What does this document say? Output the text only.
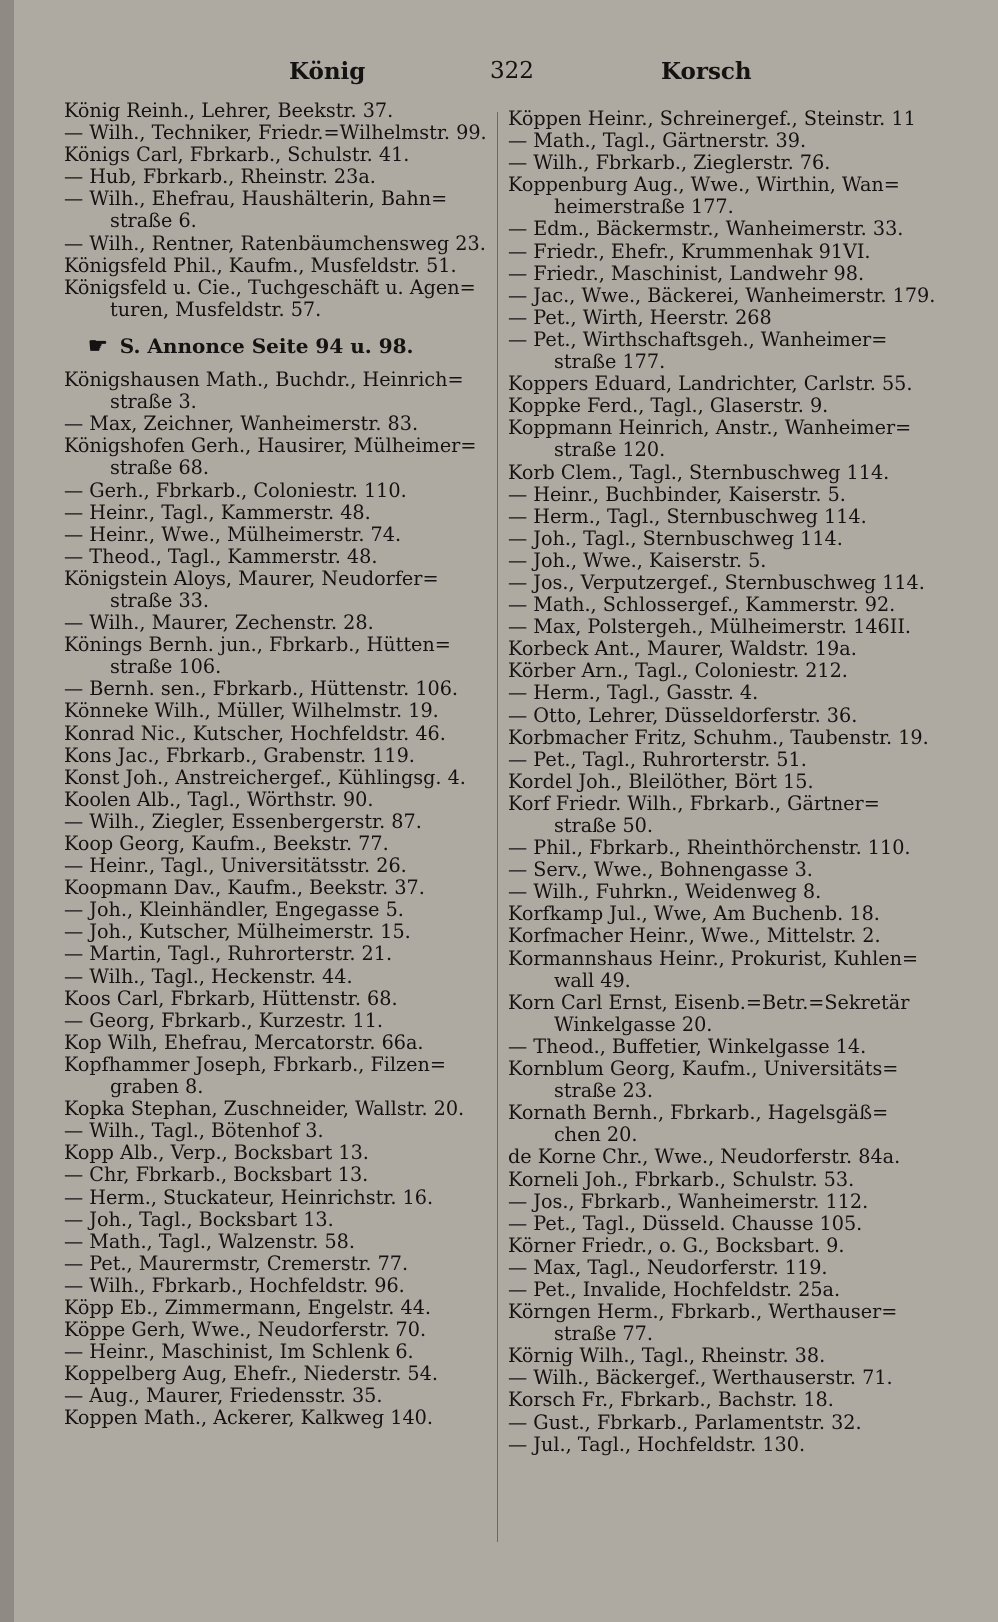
König	322	Korsch
König Reinh., Lehrer, Beekstr. 37.
— Wilh., Techniker, Friedr.=Wilhelmstr. 99.
Königs Carl, Fbrkarb., Schulstr. 41.
— Hub, Fbrkarb., Rheinstr. 23a.
— Wilh., Ehefrau, Haushälterin, Bahn=
straße 6.
— Wilh., Rentner, Ratenbäumchensweg 23.
Königsfeld Phil., Kaufm., Musfeldstr. 51.
Königsfeld u. Cie., Tuchgeschäft u. Agen=
turen, Musfeldstr. 57.
☛ S. Annonce Seite 94 u. 98.
Königshausen Math., Buchdr., Heinrich=
straße 3.
— Max, Zeichner, Wanheimerstr. 83.
Königshofen Gerh., Hausirer, Mülheimer=
straße 68.
— Gerh., Fbrkarb., Coloniestr. 110.
— Heinr., Tagl., Kammerstr. 48.
— Heinr., Wwe., Mülheimerstr. 74.
— Theod., Tagl., Kammerstr. 48.
Königstein Aloys, Maurer, Neudorfer=
straße 33.
— Wilh., Maurer, Zechenstr. 28.
Könings Bernh. jun., Fbrkarb., Hütten=
straße 106.
— Bernh. sen., Fbrkarb., Hüttenstr. 106.
Könneke Wilh., Müller, Wilhelmstr. 19.
Konrad Nic., Kutscher, Hochfeldstr. 46.
Kons Jac., Fbrkarb., Grabenstr. 119.
Konst Joh., Anstreichergef., Kühlingsg. 4.
Koolen Alb., Tagl., Wörthstr. 90.
— Wilh., Ziegler, Essenbergerstr. 87.
Koop Georg, Kaufm., Beekstr. 77.
— Heinr., Tagl., Universitätsstr. 26.
Koopmann Dav., Kaufm., Beekstr. 37.
— Joh., Kleinhändler, Engegasse 5.
— Joh., Kutscher, Mülheimerstr. 15.
— Martin, Tagl., Ruhrorterstr. 21.
— Wilh., Tagl., Heckenstr. 44.
Koos Carl, Fbrkarb, Hüttenstr. 68.
— Georg, Fbrkarb., Kurzestr. 11.
Kop Wilh, Ehefrau, Mercatorstr. 66a.
Kopfhammer Joseph, Fbrkarb., Filzen=
graben 8.
Kopka Stephan, Zuschneider, Wallstr. 20.
— Wilh., Tagl., Bötenhof 3.
Kopp Alb., Verp., Bocksbart 13.
— Chr, Fbrkarb., Bocksbart 13.
— Herm., Stuckateur, Heinrichstr. 16.
— Joh., Tagl., Bocksbart 13.
— Math., Tagl., Walzenstr. 58.
— Pet., Maurermstr, Cremerstr. 77.
— Wilh., Fbrkarb., Hochfeldstr. 96.
Köpp Eb., Zimmermann, Engelstr. 44.
Köppe Gerh, Wwe., Neudorferstr. 70.
— Heinr., Maschinist, Im Schlenk 6.
Koppelberg Aug, Ehefr., Niederstr. 54.
— Aug., Maurer, Friedensstr. 35.
Koppen Math., Ackerer, Kalkweg 140.
Köppen Heinr., Schreinergef., Steinstr. 11
— Math., Tagl., Gärtnerstr. 39.
— Wilh., Fbrkarb., Zieglerstr. 76.
Koppenburg Aug., Wwe., Wirthin, Wan=
heimerstraße 177.
— Edm., Bäckermstr., Wanheimerstr. 33.
— Friedr., Ehefr., Krummenhak 91VI.
— Friedr., Maschinist, Landwehr 98.
— Jac., Wwe., Bäckerei, Wanheimerstr. 179.
— Pet., Wirth, Heerstr. 268
— Pet., Wirthschaftsgeh., Wanheimer=
straße 177.
Koppers Eduard, Landrichter, Carlstr. 55.
Koppke Ferd., Tagl., Glaserstr. 9.
Koppmann Heinrich, Anstr., Wanheimer=
straße 120.
Korb Clem., Tagl., Sternbuschweg 114.
— Heinr., Buchbinder, Kaiserstr. 5.
— Herm., Tagl., Sternbuschweg 114.
— Joh., Tagl., Sternbuschweg 114.
— Joh., Wwe., Kaiserstr. 5.
— Jos., Verputzergef., Sternbuschweg 114.
— Math., Schlossergef., Kammerstr. 92.
— Max, Polstergeh., Mülheimerstr. 146II.
Korbeck Ant., Maurer, Waldstr. 19a.
Körber Arn., Tagl., Coloniestr. 212.
— Herm., Tagl., Gasstr. 4.
— Otto, Lehrer, Düsseldorferstr. 36.
Korbmacher Fritz, Schuhm., Taubenstr. 19.
— Pet., Tagl., Ruhrorterstr. 51.
Kordel Joh., Bleilöther, Bört 15.
Korf Friedr. Wilh., Fbrkarb., Gärtner=
straße 50.
— Phil., Fbrkarb., Rheinthörchenstr. 110.
— Serv., Wwe., Bohnengasse 3.
— Wilh., Fuhrkn., Weidenweg 8.
Korfkamp Jul., Wwe, Am Buchenb. 18.
Korfmacher Heinr., Wwe., Mittelstr. 2.
Kormannshaus Heinr., Prokurist, Kuhlen=
wall 49.
Korn Carl Ernst, Eisenb.=Betr.=Sekretär
Winkelgasse 20.
— Theod., Buffetier, Winkelgasse 14.
Kornblum Georg, Kaufm., Universitäts=
straße 23.
Kornath Bernh., Fbrkarb., Hagelsgäß=
chen 20.
de Korne Chr., Wwe., Neudorferstr. 84a.
Korneli Joh., Fbrkarb., Schulstr. 53.
— Jos., Fbrkarb., Wanheimerstr. 112.
— Pet., Tagl., Düsseld. Chausse 105.
Körner Friedr., o. G., Bocksbart. 9.
— Max, Tagl., Neudorferstr. 119.
— Pet., Invalide, Hochfeldstr. 25a.
Körngen Herm., Fbrkarb., Werthauser=
straße 77.
Körnig Wilh., Tagl., Rheinstr. 38.
— Wilh., Bäckergef., Werthauserstr. 71.
Korsch Fr., Fbrkarb., Bachstr. 18.
— Gust., Fbrkarb., Parlamentstr. 32.
— Jul., Tagl., Hochfeldstr. 130.
